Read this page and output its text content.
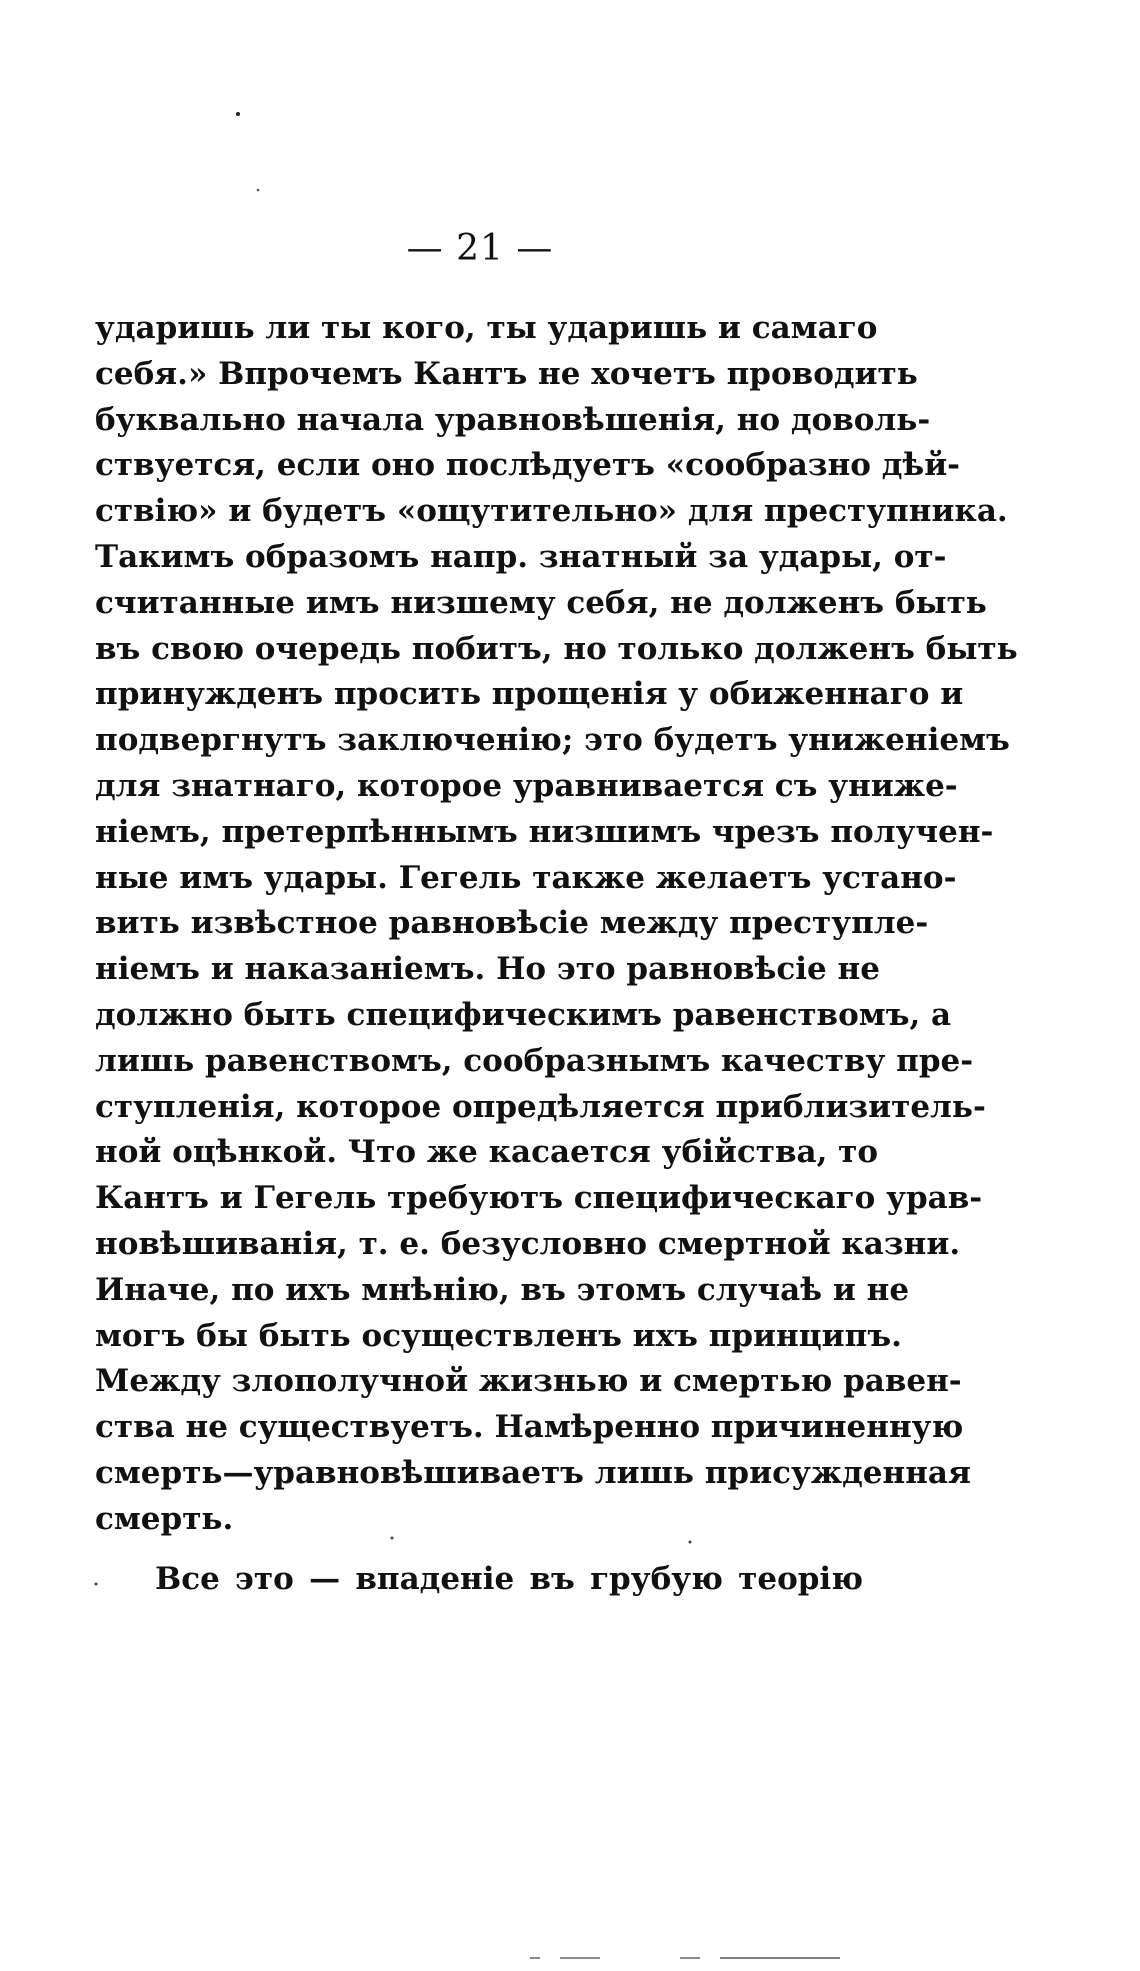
— 21 —
ударишь ли ты кого, ты ударишь и самаго
себя.» Впрочемъ Кантъ не хочетъ проводить
буквально начала уравновѣшенія, но доволь-
ствуется, если оно послѣдуетъ «сообразно дѣй-
ствію» и будетъ «ощутительно» для преступника.
Такимъ образомъ напр. знатный за удары, от-
считанные имъ низшему себя, не долженъ быть
въ свою очередь побитъ, но только долженъ быть
принужденъ просить прощенія у обиженнаго и
подвергнутъ заключенію; это будетъ униженіемъ
для знатнаго, которое уравнивается съ униже-
ніемъ, претерпѣннымъ низшимъ чрезъ получен-
ные имъ удары. Гегель также желаетъ устано-
вить извѣстное равновѣсіе между преступле-
ніемъ и наказаніемъ. Но это равновѣсіе не
должно быть специфическимъ равенствомъ, а
лишь равенствомъ, сообразнымъ качеству пре-
ступленія, которое опредѣляется приблизитель-
ной оцѣнкой. Что же касается убійства, то
Кантъ и Гегель требуютъ специфическаго урав-
новѣшиванія, т. е. безусловно смертной казни.
Иначе, по ихъ мнѣнію, въ этомъ случаѣ и не
могъ бы быть осуществленъ ихъ принципъ.
Между злополучной жизнью и смертью равен-
ства не существуетъ. Намѣренно причиненную
смерть—уравновѣшиваетъ лишь присужденная
смерть.
Все это — впаденіе въ грубую теорію
